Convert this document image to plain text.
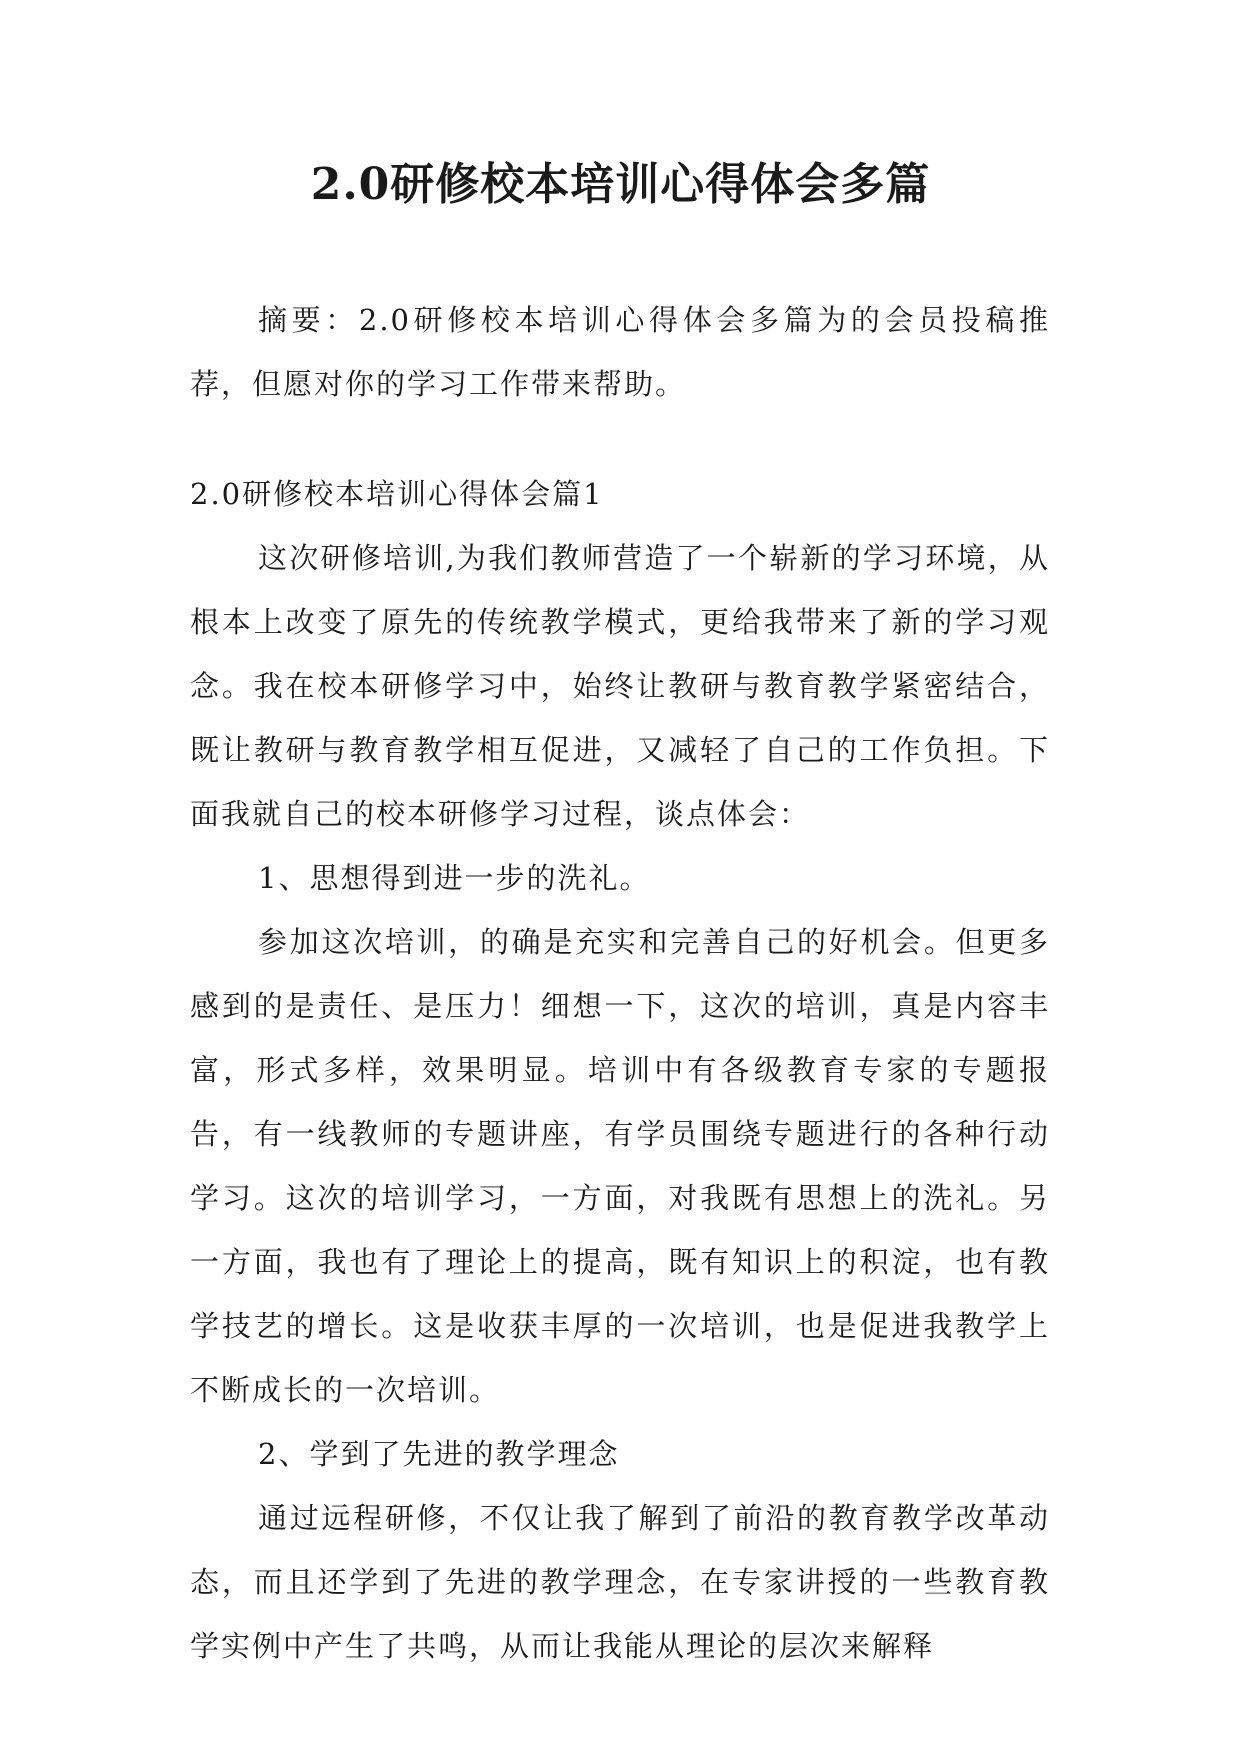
2.0研修校本培训心得体会多篇

摘要：2.0研修校本培训心得体会多篇为的会员投稿推荐，但愿对你的学习工作带来帮助。

2.0研修校本培训心得体会篇1

这次研修培训,为我们教师营造了一个崭新的学习环境，从根本上改变了原先的传统教学模式，更给我带来了新的学习观念。我在校本研修学习中，始终让教研与教育教学紧密结合，既让教研与教育教学相互促进，又减轻了自己的工作负担。下面我就自己的校本研修学习过程，谈点体会：

1、思想得到进一步的洗礼。

参加这次培训，的确是充实和完善自己的好机会。但更多感到的是责任、是压力！细想一下，这次的培训，真是内容丰富，形式多样，效果明显。培训中有各级教育专家的专题报告，有一线教师的专题讲座，有学员围绕专题进行的各种行动学习。这次的培训学习，一方面，对我既有思想上的洗礼。另一方面，我也有了理论上的提高，既有知识上的积淀，也有教学技艺的增长。这是收获丰厚的一次培训，也是促进我教学上不断成长的一次培训。

2、学到了先进的教学理念

通过远程研修，不仅让我了解到了前沿的教育教学改革动态，而且还学到了先进的教学理念，在专家讲授的一些教育教学实例中产生了共鸣，从而让我能从理论的层次来解释
